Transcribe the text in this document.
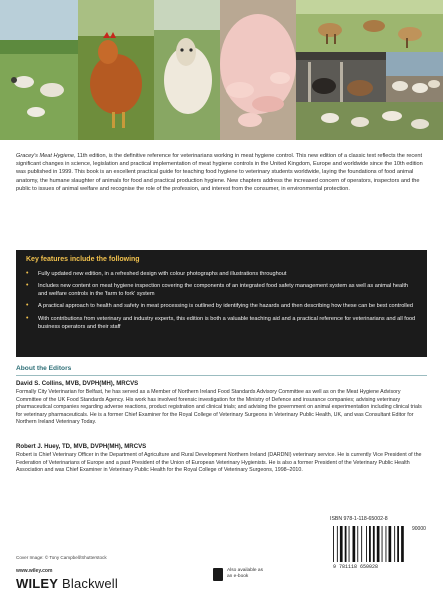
Gracey's Meat Hygiene, 11th edition, is the definitive reference for veterinarians working in meat hygiene control. This new edition of a classic text reflects the recent significant changes in science, legislation and practical implementation of meat hygiene controls in the United Kingdom, Europe and worldwide since the 10th edition was published in 1999. This book is an excellent practical guide for teaching food hygiene to veterinary students worldwide, laying the foundations of food animal anatomy, the humane slaughter of animals for food and practical production hygiene. New chapters address the increased concern of operators, inspectors and the public to issues of animal welfare and recognise the role of the profession, and interest from the consumer, in environmental protection.

Key features include the following
• Fully updated new edition, in a refreshed design with colour photographs and illustrations throughout
• Includes new content on meat hygiene inspection covering the components of an integrated food safety management system as well as animal health and welfare controls in the 'farm to fork' system
• A practical approach to health and safety in meat processing is outlined by identifying the hazards and then describing how these can be best controlled
• With contributions from veterinary and industry experts, this edition is both a valuable teaching aid and a practical reference for veterinarians and all food business operators and their staff
About the Editors
David S. Collins, MVB, DVPH(MH), MRCVS

Formally City Veterinarian for Belfast, he has served as a Member of Northern Ireland Food Standards Advisory Committee as well as on the Meat Hygiene Advisory Committee of the UK Food Standards Agency. His work has involved forensic investigation for the Ministry of Defence and insurance companies; advising veterinary pharmaceutical companies regarding adverse reactions, product registration and clinical trials; and advising the government on animal experimentation including clinical trials for veterinary pharmaceuticals. He is a former Chief Examiner for the Royal College of Veterinary Surgeons in Veterinary Public Health, UK, and was Consultant Editor for Northern Ireland Veterinary Today.

Robert J. Huey, TD, MVB, DVPH(MH), MRCVS

Robert is Chief Veterinary Officer in the Department of Agriculture and Rural Development Northern Ireland (DARDNI) veterinary service. He is currently Vice President of the Federation of Veterinarians of Europe and a past President of the Union of European Veterinary Hygienists. He is also a former President of the Veterinary Public Health Association and was Chief Examiner in Veterinary Public Health for the Royal College of Veterinary Surgeons, 1998–2010.

Cover Image: © Tony Campbell/Shutterstock
www.wiley.com
WILEY Blackwell
Also available as an e-book
ISBN 978-1-118-65002-8
90000
9 781118 650028
